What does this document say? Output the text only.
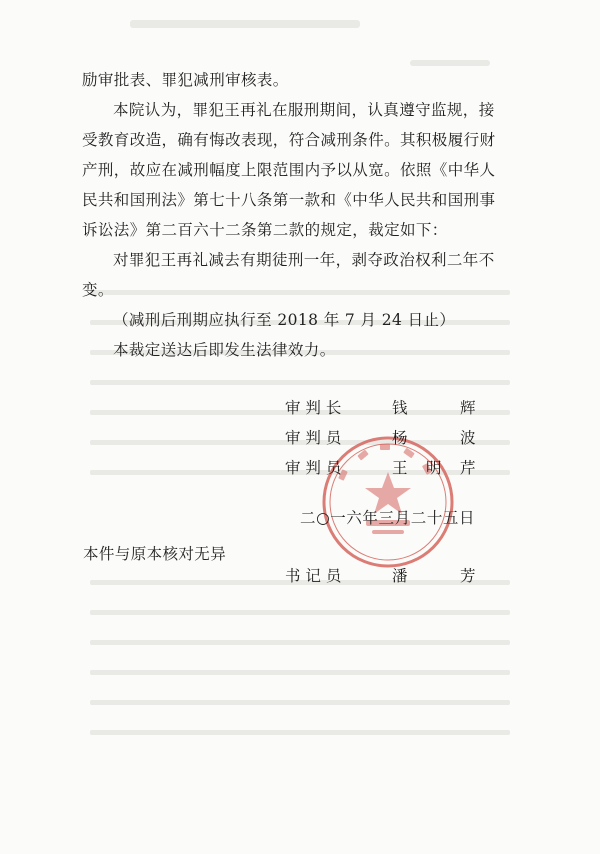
励审批表、罪犯减刑审核表。
本院认为，罪犯王再礼在服刑期间，认真遵守监规，接
受教育改造，确有悔改表现，符合减刑条件。其积极履行财
产刑，故应在减刑幅度上限范围内予以从宽。依照《中华人
民共和国刑法》第七十八条第一款和《中华人民共和国刑事
诉讼法》第二百六十二条第二款的规定，裁定如下：
对罪犯王再礼减去有期徒刑一年，剥夺政治权利二年不
变。
（减刑后刑期应执行至 2018 年 7 月 24 日止）
本裁定送达后即发生法律效力。
审 判 长	钱	辉
审 判 员	杨	波
审 判 员	王 明 芹
二○一六年三月二十五日
本件与原本核对无异
书 记 员	潘	芳
